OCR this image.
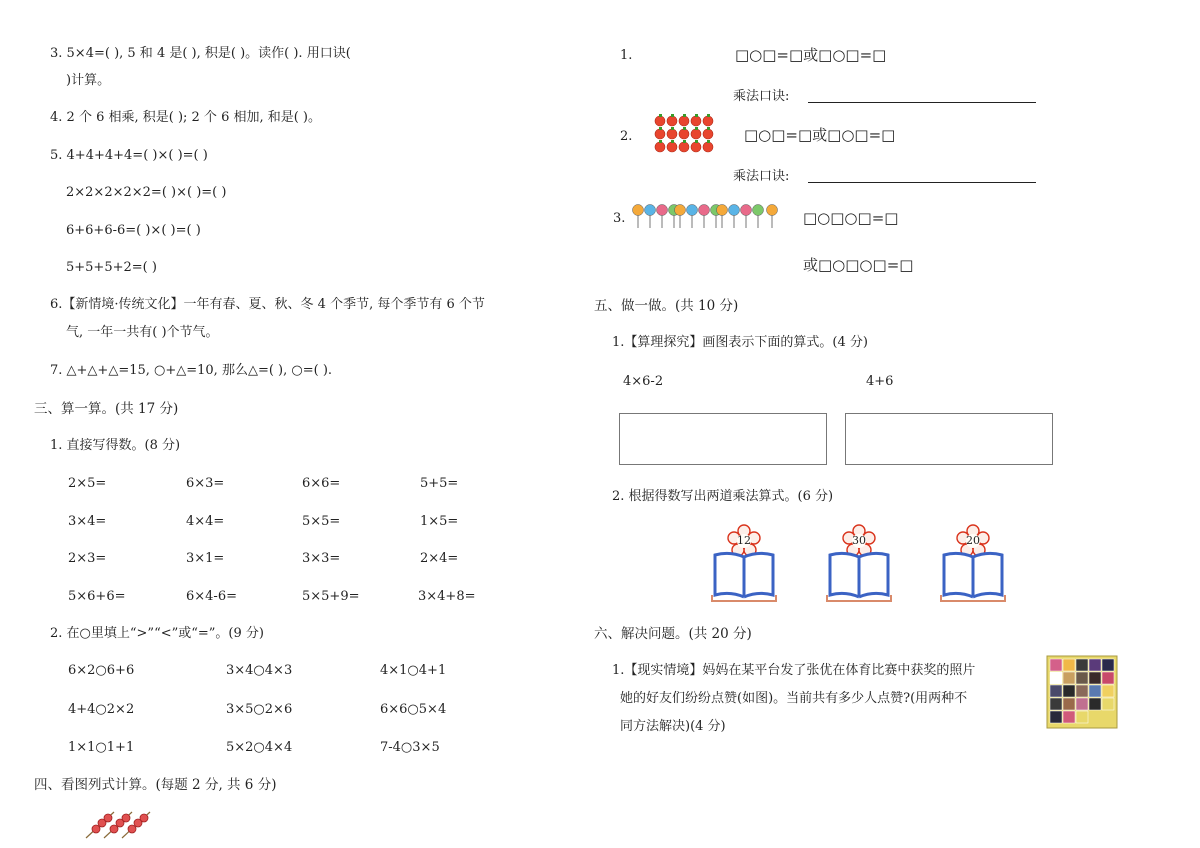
3. 5×4=( ), 5 和 4 是( ), 积是( )。读作( ). 用口诀(
)计算。
4. 2 个 6 相乘, 积是( ); 2 个 6 相加, 和是( )。
5. 4+4+4+4=( )×( )=( )
2×2×2×2×2=( )×( )=( )
6+6+6-6=( )×( )=( )
5+5+5+2=( )
6.【新情境·传统文化】一年有春、夏、秋、冬 4 个季节, 每个季节有 6 个节
气, 一年一共有( )个节气。
7. △+△+△=15, ○+△=10, 那么△=( ), ○=( ).
三、算一算。(共 17 分)
1. 直接写得数。(8 分)
2×5=	6×3=	6×6=	5+5=
3×4=	4×4=	5×5=	1×5=
2×3=	3×1=	3×3=	2×4=
5×6+6=	6×4-6=	5×5+9=	3×4+8=
2. 在○里填上“>”“<”或“=”。(9 分)
6×2○6+6	3×4○4×3	4×1○4+1
4+4○2×2	3×5○2×6	6×6○5×4
1×1○1+1	5×2○4×4	7-4○3×5
四、看图列式计算。(每题 2 分, 共 6 分)
1.	□○□=□或□○□=□
乘法口诀:
2.	□○□=□或□○□=□
乘法口诀:
3.	□○□○□=□
或□○□○□=□
五、做一做。(共 10 分)
1.【算理探究】画图表示下面的算式。(4 分)
4×6-2	4+6
2. 根据得数写出两道乘法算式。(6 分)
12	30	20
六、解决问题。(共 20 分)
1.【现实情境】妈妈在某平台发了张优在体育比赛中获奖的照片
她的好友们纷纷点赞(如图)。当前共有多少人点赞?(用两种不
同方法解决)(4 分)
